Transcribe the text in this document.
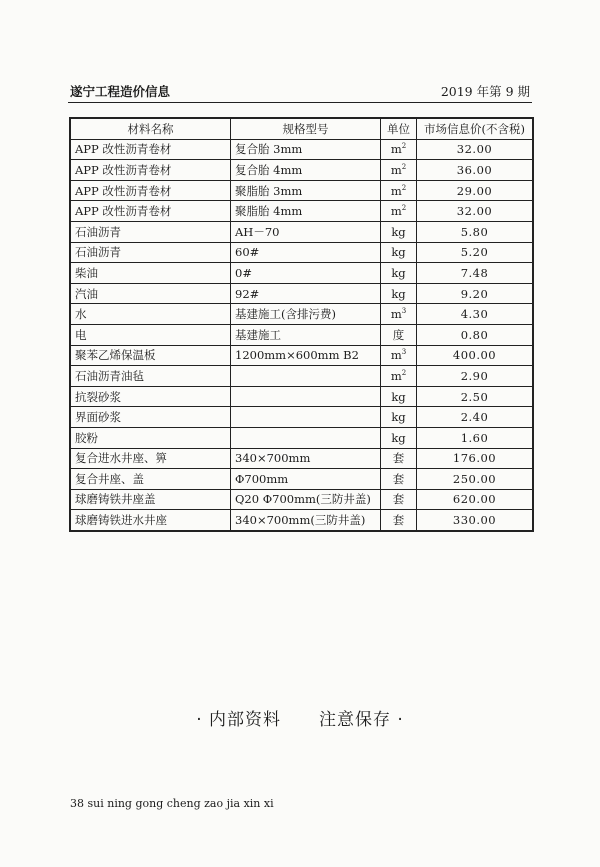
遂宁工程造价信息	2019 年第 9 期
材料名称	规格型号	单位	市场信息价(不含税)
APP 改性沥青卷材	复合胎 3mm	$m^2$	32.00
APP 改性沥青卷材	复合胎 4mm	$m^2$	36.00
APP 改性沥青卷材	聚脂胎 3mm	$m^2$	29.00
APP 改性沥青卷材	聚脂胎 4mm	$m^2$	32.00
石油沥青	AH－70	kg	5.80
石油沥青	60#	kg	5.20
柴油	0#	kg	7.48
汽油	92#	kg	9.20
水	基建施工(含排污费)	$m^3$	4.30
电	基建施工	度	0.80
聚苯乙烯保温板	1200mm×600mm B2	$m^3$	400.00
石油沥青油毡		$m^2$	2.90
抗裂砂浆		kg	2.50
界面砂浆		kg	2.40
胶粉		kg	1.60
复合进水井座、箅	340×700mm	套	176.00
复合井座、盖	Φ700mm	套	250.00
球磨铸铁井座盖	Q20 Φ700mm(三防井盖)	套	620.00
球磨铸铁进水井座	340×700mm(三防井盖)	套	330.00
· 内部资料 注意保存 ·
38 sui ning gong cheng zao jia xin xi
